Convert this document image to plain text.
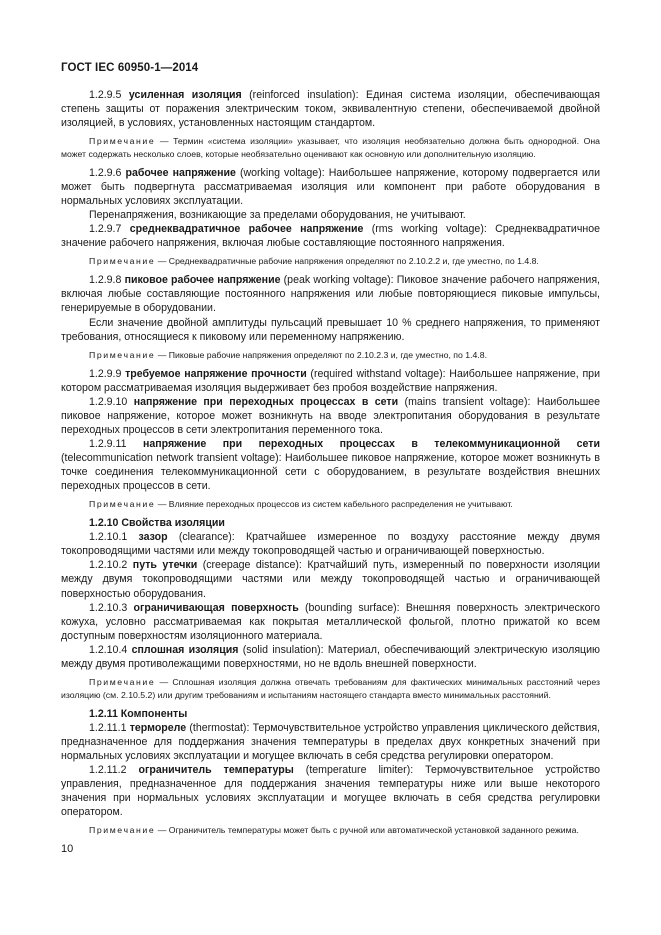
ГОСТ IEC 60950-1—2014

1.2.9.5 усиленная изоляция (reinforced insulation): Единая система изоляции, обеспечивающая степень защиты от поражения электрическим током, эквивалентную степени, обеспечиваемой двойной изоляцией, в условиях, установленных настоящим стандартом.

Примечание — Термин «система изоляции» указывает, что изоляция необязательно должна быть однородной. Она может содержать несколько слоев, которые необязательно оценивают как основную или дополнительную изоляцию.

1.2.9.6 рабочее напряжение (working voltage): Наибольшее напряжение, которому подвергается или может быть подвергнута рассматриваемая изоляция или компонент при работе оборудования в нормальных условиях эксплуатации.

Перенапряжения, возникающие за пределами оборудования, не учитывают.

1.2.9.7 среднеквадратичное рабочее напряжение (rms working voltage): Среднеквадратичное значение рабочего напряжения, включая любые составляющие постоянного напряжения.

Примечание — Среднеквадратичные рабочие напряжения определяют по 2.10.2.2 и, где уместно, по 1.4.8.

1.2.9.8 пиковое рабочее напряжение (peak working voltage): Пиковое значение рабочего напряжения, включая любые составляющие постоянного напряжения или любые повторяющиеся пиковые импульсы, генерируемые в оборудовании.

Если значение двойной амплитуды пульсаций превышает 10 % среднего напряжения, то применяют требования, относящиеся к пиковому или переменному напряжению.

Примечание — Пиковые рабочие напряжения определяют по 2.10.2.3 и, где уместно, по 1.4.8.

1.2.9.9 требуемое напряжение прочности (required withstand voltage): Наибольшее напряжение, при котором рассматриваемая изоляция выдерживает без пробоя воздействие напряжения.

1.2.9.10 напряжение при переходных процессах в сети (mains transient voltage): Наибольшее пиковое напряжение, которое может возникнуть на вводе электропитания оборудования в результате переходных процессов в сети электропитания переменного тока.

1.2.9.11 напряжение при переходных процессах в телекоммуникационной сети (telecommunication network transient voltage): Наибольшее пиковое напряжение, которое может возникнуть в точке соединения телекоммуникационной сети с оборудованием, в результате воздействия внешних переходных процессов в сети.

Примечание — Влияние переходных процессов из систем кабельного распределения не учитывают.

1.2.10 Свойства изоляции

1.2.10.1 зазор (clearance): Кратчайшее измеренное по воздуху расстояние между двумя токопроводящими частями или между токопроводящей частью и ограничивающей поверхностью.

1.2.10.2 путь утечки (creepage distance): Кратчайший путь, измеренный по поверхности изоляции между двумя токопроводящими частями или между токопроводящей частью и ограничивающей поверхностью оборудования.

1.2.10.3 ограничивающая поверхность (bounding surface): Внешняя поверхность электрического кожуха, условно рассматриваемая как покрытая металлической фольгой, плотно прижатой ко всем доступным поверхностям изоляционного материала.

1.2.10.4 сплошная изоляция (solid insulation): Материал, обеспечивающий электрическую изоляцию между двумя противолежащими поверхностями, но не вдоль внешней поверхности.

Примечание — Сплошная изоляция должна отвечать требованиям для фактических минимальных расстояний через изоляцию (см. 2.10.5.2) или другим требованиям и испытаниям настоящего стандарта вместо минимальных расстояний.

1.2.11 Компоненты

1.2.11.1 термореле (thermostat): Термочувствительное устройство управления циклического действия, предназначенное для поддержания значения температуры в пределах двух конкретных значений при нормальных условиях эксплуатации и могущее включать в себя средства регулировки оператором.

1.2.11.2 ограничитель температуры (temperature limiter): Термочувствительное устройство управления, предназначенное для поддержания значения температуры ниже или выше некоторого значения при нормальных условиях эксплуатации и могущее включать в себя средства регулировки оператором.

Примечание — Ограничитель температуры может быть с ручной или автоматической установкой заданного режима.

10
